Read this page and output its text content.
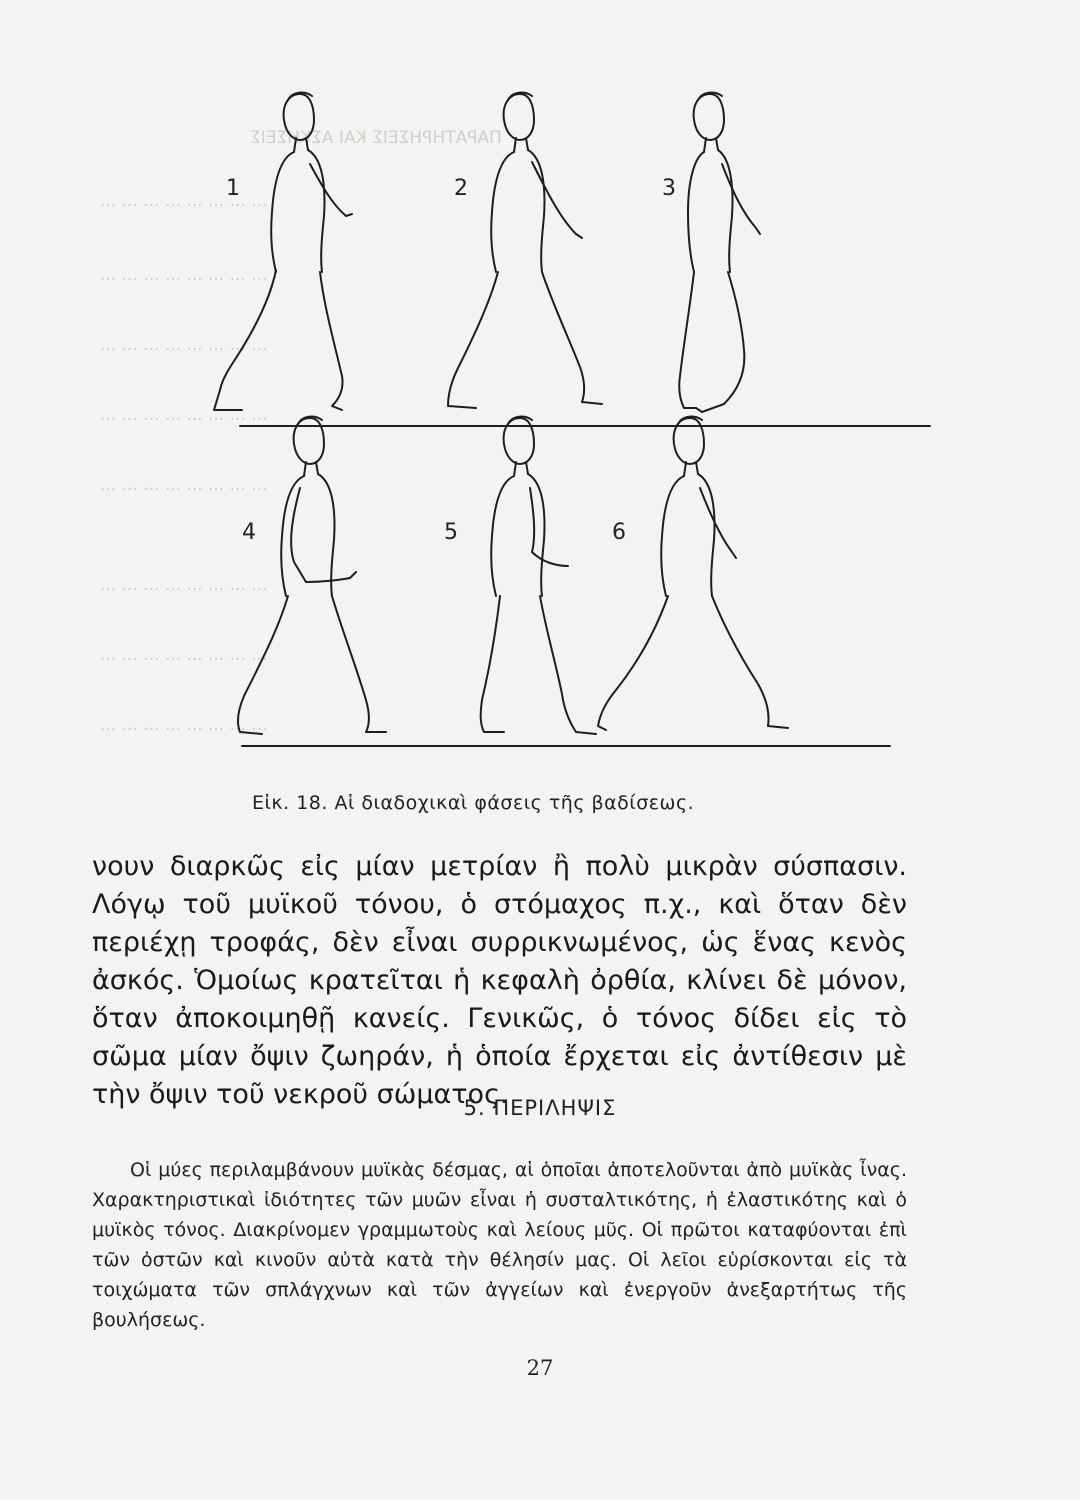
ΠΑΡΑΤΗΡΗΣΕΙΣ ΚΑΙ ΑΣΚΗΣΕΙΣ
··· ··· ··· ··· ··· ··· ··· ···
··· ··· ··· ··· ··· ··· ··· ···
··· ··· ··· ··· ··· ··· ··· ···
··· ··· ··· ··· ··· ··· ··· ···
··· ··· ··· ··· ··· ··· ··· ···
··· ··· ··· ··· ··· ··· ··· ···
··· ··· ··· ··· ··· ··· ··· ···
··· ··· ··· ··· ··· ··· ··· ···
1	2	3
4	5	6
Εἰκ. 18. Αἱ διαδοχικαὶ φάσεις τῆς βαδίσεως.

νουν διαρκῶς εἰς μίαν μετρίαν ἢ πολὺ μικρὰν σύσπασιν. Λόγῳ τοῦ μυϊκοῦ τόνου, ὁ στόμαχος π.χ., καὶ ὅταν δὲν περιέχῃ τροφάς, δὲν εἶναι συρρικνωμένος, ὡς ἕνας κενὸς ἀσκός. Ὁμοίως κρατεῖται ἡ κεφαλὴ ὀρθία, κλίνει δὲ μόνον, ὅταν ἀποκοιμηθῇ κανείς. Γενικῶς, ὁ τόνος δίδει εἰς τὸ σῶμα μίαν ὄψιν ζωηράν, ἡ ὁποία ἔρχεται εἰς ἀντίθεσιν μὲ τὴν ὄψιν τοῦ νεκροῦ σώματος.

5. ΠΕΡΙΛΗΨΙΣ

Οἱ μύες περιλαμβάνουν μυϊκὰς δέσμας, αἱ ὁποῖαι ἀποτελοῦνται ἀπὸ μυϊκὰς ἶνας. Χαρακτηριστικαὶ ἰδιότητες τῶν μυῶν εἶναι ἡ συσταλτικότης, ἡ ἐλαστικότης καὶ ὁ μυϊκὸς τόνος. Διακρίνομεν γραμμωτοὺς καὶ λείους μῦς. Οἱ πρῶτοι καταφύονται ἐπὶ τῶν ὀστῶν καὶ κινοῦν αὐτὰ κατὰ τὴν θέλησίν μας. Οἱ λεῖοι εὑρίσκονται εἰς τὰ τοιχώματα τῶν σπλάγχνων καὶ τῶν ἀγγείων καὶ ἐνεργοῦν ἀνεξαρτήτως τῆς βουλήσεως.

27
